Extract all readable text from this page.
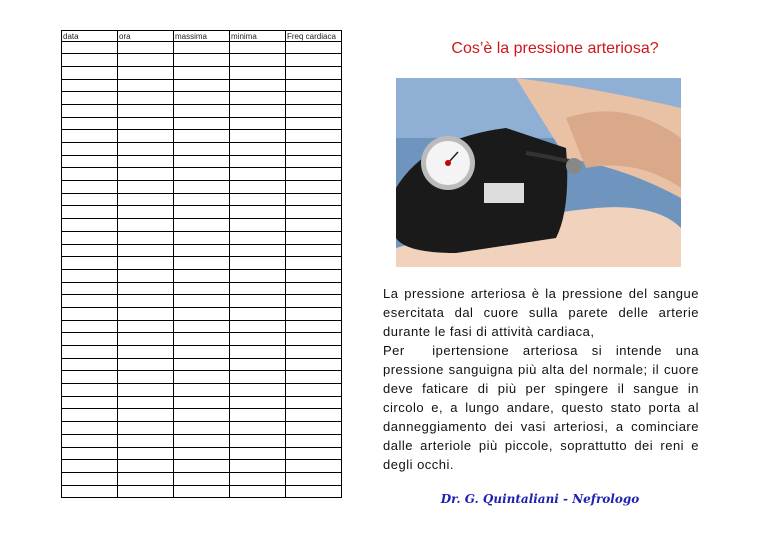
data	ora	massima	minima	Freq cardiaca

Cos’è la pressione arteriosa?

La pressione arteriosa è la pressione del sangue esercitata dal cuore sulla parete delle arterie durante le fasi di attività cardiaca,

Per  ipertensione arteriosa si intende una pressione sanguigna più alta del normale; il cuore deve faticare di più per spingere il sangue in circolo e, a lungo andare, questo stato porta al danneggiamento dei vasi arteriosi, a cominciare dalle arteriole più piccole, soprattutto dei reni e degli occhi.

Dr. G. Quintaliani - Nefrologo
